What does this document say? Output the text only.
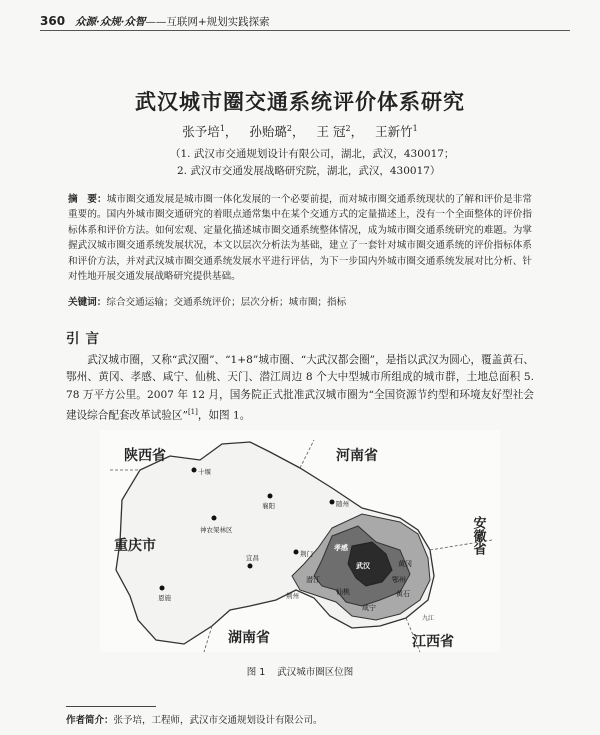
360 众源·众规·众智 ——互联网+规划实践探索
武汉城市圈交通系统评价体系研究
张予培$^1$， 孙贻璐$^2$， 王 冠$^2$， 王新竹$^1$
（1. 武汉市交通规划设计有限公司，湖北，武汉，430017；
2. 武汉市交通发展战略研究院，湖北，武汉，430017）
摘　要：城市圈交通发展是城市圈一体化发展的一个必要前提，而对城市圈交通系统现状的了解和评价是非常重要的。国内外城市圈交通研究的着眼点通常集中在某个交通方式的定量描述上，没有一个全面整体的评价指标体系和评价方法。如何宏观、定量化描述城市圈交通系统整体情况，成为城市圈交通系统研究的难题。为掌握武汉城市圈交通系统发展状况，本文以层次分析法为基础，建立了一套针对城市圈交通系统的评价指标体系和评价方法，并对武汉城市圈交通系统发展水平进行评估，为下一步国内外城市圈交通系统发展对比分析、针对性地开展交通发展战略研究提供基础。
关键词：综合交通运输；交通系统评价；层次分析；城市圈；指标
引言
武汉城市圈，又称“武汉圈”、“1+8”城市圈、“大武汉都会圈”，是指以武汉为圆心，覆盖黄石、鄂州、黄冈、孝感、咸宁、仙桃、天门、潜江周边 8 个大中型城市所组成的城市群，土地总面积 5. 78 万平方公里。2007 年 12 月，国务院正式批准武汉城市圈为“全国资源节约型和环境友好型社会建设综合配套改革试验区”[1]，如图 1。
陕西省	河南省
安徽省
重庆市
湖南省	江西省
十堰
神农架林区
随州
襄阳
宜昌	荆门
恩施
孝感
武汉	黄冈
潜江
仙桃
鄂州
黄石
荆州
咸宁
九江
图 1 武汉城市圈区位图
作者简介：张予培，工程师，武汉市交通规划设计有限公司。
